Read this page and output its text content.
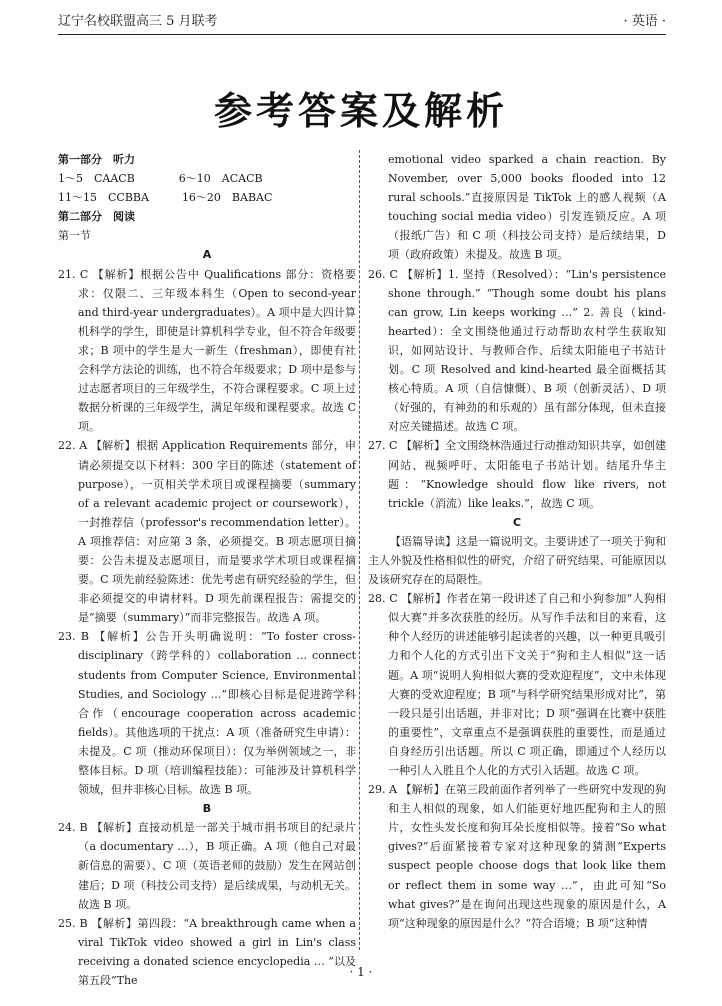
辽宁名校联盟高三 5 月联考	· 英语 ·
参考答案及解析

第一部分　听力

1～5　CAACB　　　　6～10　ACACB

11～15　CCBBA　　　16～20　BABAC

第二部分　阅读

第一节

A

21. C 【解析】根据公告中 Qualifications 部分：资格要求：仅限二、三年级本科生（Open to second-year and third-year undergraduates）。A 项中是大四计算机科学的学生，即使是计算机科学专业，但不符合年级要求；B 项中的学生是大一新生（freshman），即使有社会科学方法论的训练，也不符合年级要求；D 项中是参与过志愿者项目的三年级学生，不符合课程要求。C 项上过数据分析课的三年级学生，满足年级和课程要求。故选 C 项。

22. A 【解析】根据 Application Requirements 部分，申请必须提交以下材料：300 字目的陈述（statement of purpose），一页相关学术项目或课程摘要（summary of a relevant academic project or coursework），一封推荐信（professor's recommendation letter）。A 项推荐信：对应第 3 条，必须提交。B 项志愿项目摘要：公告未提及志愿项目，而是要求学术项目或课程摘要。C 项先前经验陈述：优先考虑有研究经验的学生，但非必须提交的申请材料。D 项先前课程报告：需提交的是“摘要（summary）”而非完整报告。故选 A 项。

23. B 【解析】公告开头明确说明：“To foster cross-disciplinary（跨学科的）collaboration … connect students from Computer Science, Environmental Studies, and Sociology …”即核心目标是促进跨学科合作（encourage cooperation across academic fields）。其他选项的干扰点：A 项（准备研究生申请）：未提及。C 项（推动环保项目）：仅为举例领域之一，非整体目标。D 项（培训编程技能）：可能涉及计算机科学领域，但并非核心目标。故选 B 项。

B

24. B 【解析】直接动机是一部关于城市捐书项目的纪录片（a documentary …），B 项正确。A 项（他自己对最新信息的需要）、C 项（英语老师的鼓励）发生在网站创建后；D 项（科技公司支持）是后续成果，与动机无关。故选 B 项。

25. B 【解析】第四段：“A breakthrough came when a viral TikTok video showed a girl in Lin's class receiving a donated science encyclopedia … ”以及第五段“The

emotional video sparked a chain reaction. By November, over 5,000 books flooded into 12 rural schools.”直接原因是 TikTok 上的感人视频（A touching social media video）引发连锁反应。A 项（报纸广告）和 C 项（科技公司支持）是后续结果，D 项（政府政策）未提及。故选 B 项。

26. C 【解析】1. 坚持（Resolved）：“Lin's persistence shone through.” “Though some doubt his plans can grow, Lin keeps working …” 2. 善良（kind-hearted）：全文围绕他通过行动帮助农村学生获取知识，如网站设计、与教师合作、后续太阳能电子书站计划。C 项 Resolved and kind-hearted 最全面概括其核心特质。A 项（自信慷慨）、B 项（创新灵活）、D 项（好强的，有神劲的和乐观的）虽有部分体现，但未直接对应关键描述。故选 C 项。

27. C 【解析】全文围绕林浩通过行动推动知识共享，如创建网站、视频呼吁、太阳能电子书站计划。结尾升华主题：“Knowledge should flow like rivers, not trickle（消流）like leaks.”，故选 C 项。

C

【语篇导读】这是一篇说明文。主要讲述了一项关于狗和主人外貌及性格相似性的研究，介绍了研究结果、可能原因以及该研究存在的局限性。

28. C 【解析】作者在第一段讲述了自己和小狗参加“人狗相似大赛”并多次获胜的经历。从写作手法和目的来看，这种个人经历的讲述能够引起读者的兴趣，以一种更具吸引力和个人化的方式引出下文关于“狗和主人相似”这一话题。A 项“说明人狗相似大赛的受欢迎程度”，文中未体现大赛的受欢迎程度；B 项“与科学研究结果形成对比”，第一段只是引出话题，并非对比；D 项“强调在比赛中获胜的重要性”，文章重点不是强调获胜的重要性，而是通过自身经历引出话题。所以 C 项正确，即通过个人经历以一种引人入胜且个人化的方式引入话题。故选 C 项。

29. A 【解析】在第三段前面作者列举了一些研究中发现的狗和主人相似的现象，如人们能更好地匹配狗和主人的照片，女性头发长度和狗耳朵长度相似等。接着“So what gives?”后面紧接着专家对这种现象的猜测“Experts suspect people choose dogs that look like them or reflect them in some way …”，由此可知“So what gives?”是在询问出现这些现象的原因是什么，A 项“这种现象的原因是什么？”符合语境；B 项“这种情

· 1 ·
